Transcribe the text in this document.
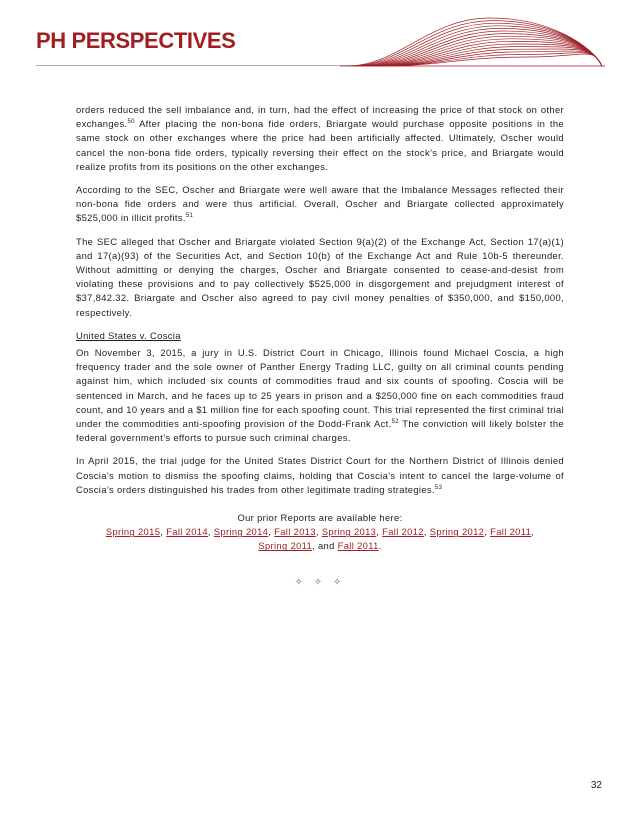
PH PERSPECTIVES

orders reduced the sell imbalance and, in turn, had the effect of increasing the price of that stock on other exchanges.$^{50}$ After placing the non-bona fide orders, Briargate would purchase opposite positions in the same stock on other exchanges where the price had been artificially affected. Ultimately, Oscher would cancel the non-bona fide orders, typically reversing their effect on the stock’s price, and Briargate would realize profits from its positions on the other exchanges.

According to the SEC, Oscher and Briargate were well aware that the Imbalance Messages reflected their non-bona fide orders and were thus artificial. Overall, Oscher and Briargate collected approximately $525,000 in illicit profits.$^{51}$

The SEC alleged that Oscher and Briargate violated Section 9(a)(2) of the Exchange Act, Section 17(a)(1) and 17(a)(93) of the Securities Act, and Section 10(b) of the Exchange Act and Rule 10b-5 thereunder. Without admitting or denying the charges, Oscher and Briargate consented to cease-and-desist from violating these provisions and to pay collectively $525,000 in disgorgement and prejudgment interest of $37,842.32. Briargate and Oscher also agreed to pay civil money penalties of $350,000, and $150,000, respectively.

United States v. Coscia

On November 3, 2015, a jury in U.S. District Court in Chicago, Illinois found Michael Coscia, a high frequency trader and the sole owner of Panther Energy Trading LLC, guilty on all criminal counts pending against him, which included six counts of commodities fraud and six counts of spoofing. Coscia will be sentenced in March, and he faces up to 25 years in prison and a $250,000 fine on each commodities fraud count, and 10 years and a $1 million fine for each spoofing count. This trial represented the first criminal trial under the commodities anti-spoofing provision of the Dodd-Frank Act.$^{52}$ The conviction will likely bolster the federal government’s efforts to pursue such criminal charges.

In April 2015, the trial judge for the United States District Court for the Northern District of Illinois denied Coscia’s motion to dismiss the spoofing claims, holding that Coscia’s intent to cancel the large-volume of Coscia’s orders distinguished his trades from other legitimate trading strategies.$^{53}$

Our prior Reports are available here:

Spring 2015, Fall 2014, Spring 2014, Fall 2013, Spring 2013, Fall 2012, Spring 2012, Fall 2011,
Spring 2011, and Fall 2011.

✧ ✧ ✧
32
